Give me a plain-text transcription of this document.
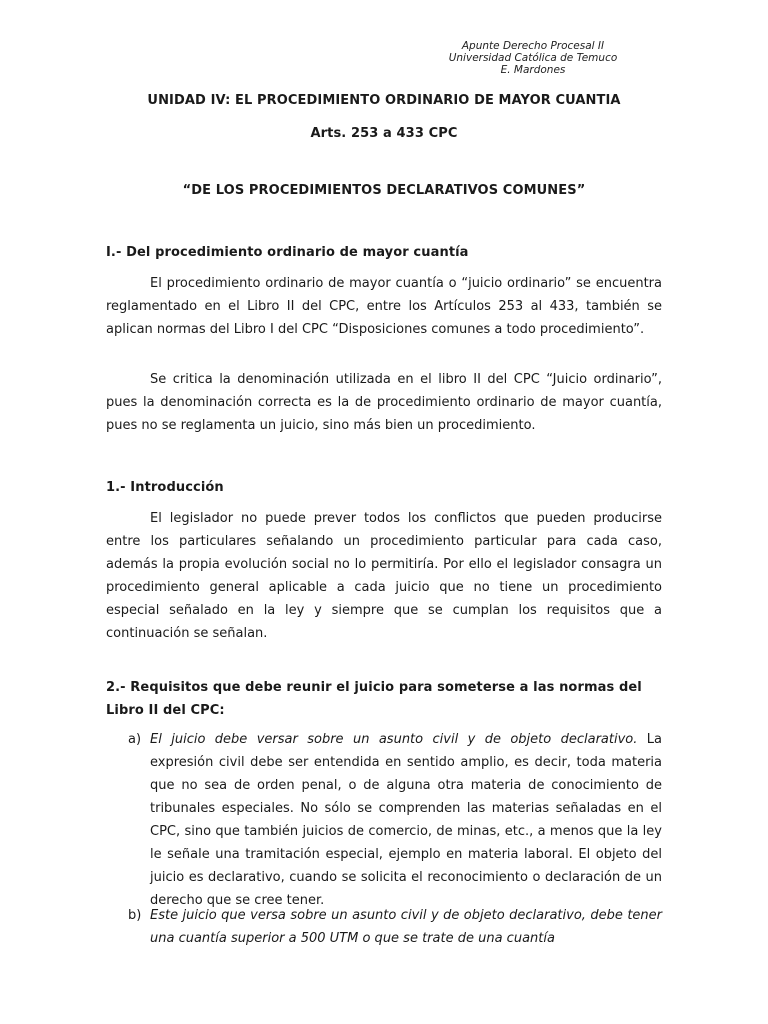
Apunte Derecho Procesal II
Universidad Católica de Temuco
E. Mardones
UNIDAD IV: EL PROCEDIMIENTO ORDINARIO DE MAYOR CUANTIA
Arts. 253 a 433 CPC
“DE LOS PROCEDIMIENTOS DECLARATIVOS COMUNES”
I.- Del procedimiento ordinario de mayor cuantía
El procedimiento ordinario de mayor cuantía o “juicio ordinario” se encuentra reglamentado en el Libro II del CPC, entre los Artículos 253 al 433, también se aplican normas del Libro I del CPC “Disposiciones comunes a todo procedimiento”.
Se critica la denominación utilizada en el libro II del CPC “Juicio ordinario”, pues la denominación correcta es la de procedimiento ordinario de mayor cuantía, pues no se reglamenta un juicio, sino más bien un procedimiento.
1.- Introducción
El legislador no puede prever todos los conflictos que pueden producirse entre los particulares señalando un procedimiento particular para cada caso, además la propia evolución social no lo permitiría. Por ello el legislador consagra un procedimiento general aplicable a cada juicio que no tiene un procedimiento especial señalado en la ley y siempre que se cumplan los requisitos que a continuación se señalan.
2.- Requisitos que debe reunir el juicio para someterse a las normas del Libro II del CPC:
a) El juicio debe versar sobre un asunto civil y de objeto declarativo. La expresión civil debe ser entendida en sentido amplio, es decir, toda materia que no sea de orden penal, o de alguna otra materia de conocimiento de tribunales especiales. No sólo se comprenden las materias señaladas en el CPC, sino que también juicios de comercio, de minas, etc., a menos que la ley le señale una tramitación especial, ejemplo en materia laboral. El objeto del juicio es declarativo, cuando se solicita el reconocimiento o declaración de un derecho que se cree tener.
b) Este juicio que versa sobre un asunto civil y de objeto declarativo, debe tener una cuantía superior a 500 UTM o que se trate de una cuantía
